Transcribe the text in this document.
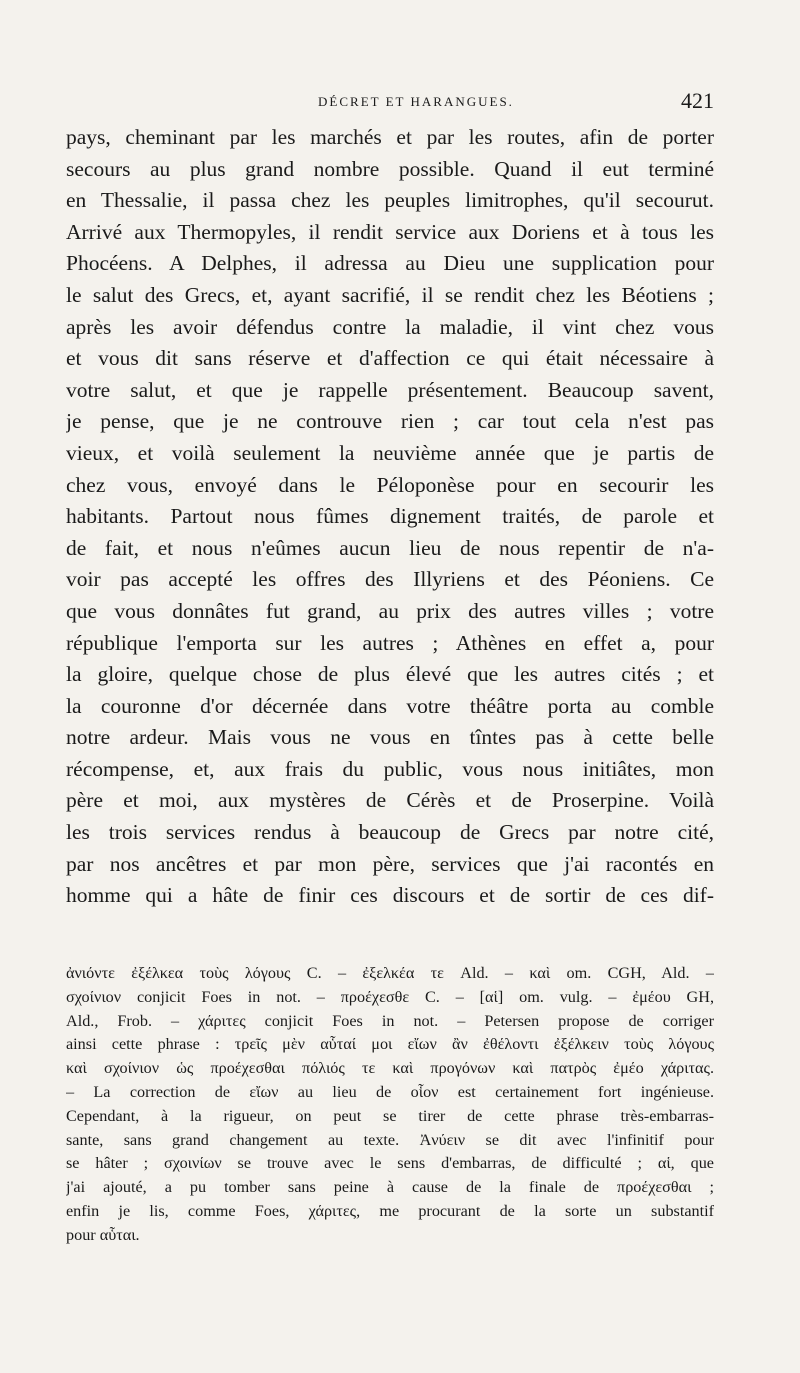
DÉCRET ET HARANGUES.	421
pays, cheminant par les marchés et par les routes, afin de porter
secours au plus grand nombre possible. Quand il eut terminé
en Thessalie, il passa chez les peuples limitrophes, qu'il secourut.
Arrivé aux Thermopyles, il rendit service aux Doriens et à tous les
Phocéens. A Delphes, il adressa au Dieu une supplication pour
le salut des Grecs, et, ayant sacrifié, il se rendit chez les Béotiens ;
après les avoir défendus contre la maladie, il vint chez vous
et vous dit sans réserve et d'affection ce qui était nécessaire à
votre salut, et que je rappelle présentement. Beaucoup savent,
je pense, que je ne controuve rien ; car tout cela n'est pas
vieux, et voilà seulement la neuvième année que je partis de
chez vous, envoyé dans le Péloponèse pour en secourir les
habitants. Partout nous fûmes dignement traités, de parole et
de fait, et nous n'eûmes aucun lieu de nous repentir de n'a-
voir pas accepté les offres des Illyriens et des Péoniens. Ce
que vous donnâtes fut grand, au prix des autres villes ; votre
république l'emporta sur les autres ; Athènes en effet a, pour
la gloire, quelque chose de plus élevé que les autres cités ; et
la couronne d'or décernée dans votre théâtre porta au comble
notre ardeur. Mais vous ne vous en tîntes pas à cette belle
récompense, et, aux frais du public, vous nous initiâtes, mon
père et moi, aux mystères de Cérès et de Proserpine. Voilà
les trois services rendus à beaucoup de Grecs par notre cité,
par nos ancêtres et par mon père, services que j'ai racontés en
homme qui a hâte de finir ces discours et de sortir de ces dif-
ἀνιόντε ἐξέλκεα τοὺς λόγους C. – ἐξελκέα τε Ald. – καὶ om. CGH, Ald. –
σχοίνιον conjicit Foes in not. – προέχεσθε C. – [αἱ] om. vulg. – ἐμέου GH,
Ald., Frob. – χάριτες conjicit Foes in not. – Petersen propose de corriger
ainsi cette phrase : τρεῖς μὲν αὗταί μοι εἴων ἂν ἐθέλοντι ἐξέλκειν τοὺς λόγους
καὶ σχοίνιον ὡς προέχεσθαι πόλιός τε καὶ προγόνων καὶ πατρὸς ἐμέο χάριτας.
– La correction de εἴων au lieu de οἷον est certainement fort ingénieuse.
Cependant, à la rigueur, on peut se tirer de cette phrase très-embarras-
sante, sans grand changement au texte. Ἀνύειν se dit avec l'infinitif pour
se hâter ; σχοινίων se trouve avec le sens d'embarras, de difficulté ; αἱ, que
j'ai ajouté, a pu tomber sans peine à cause de la finale de προέχεσθαι ;
enfin je lis, comme Foes, χάριτες, me procurant de la sorte un substantif
pour αὗται.
